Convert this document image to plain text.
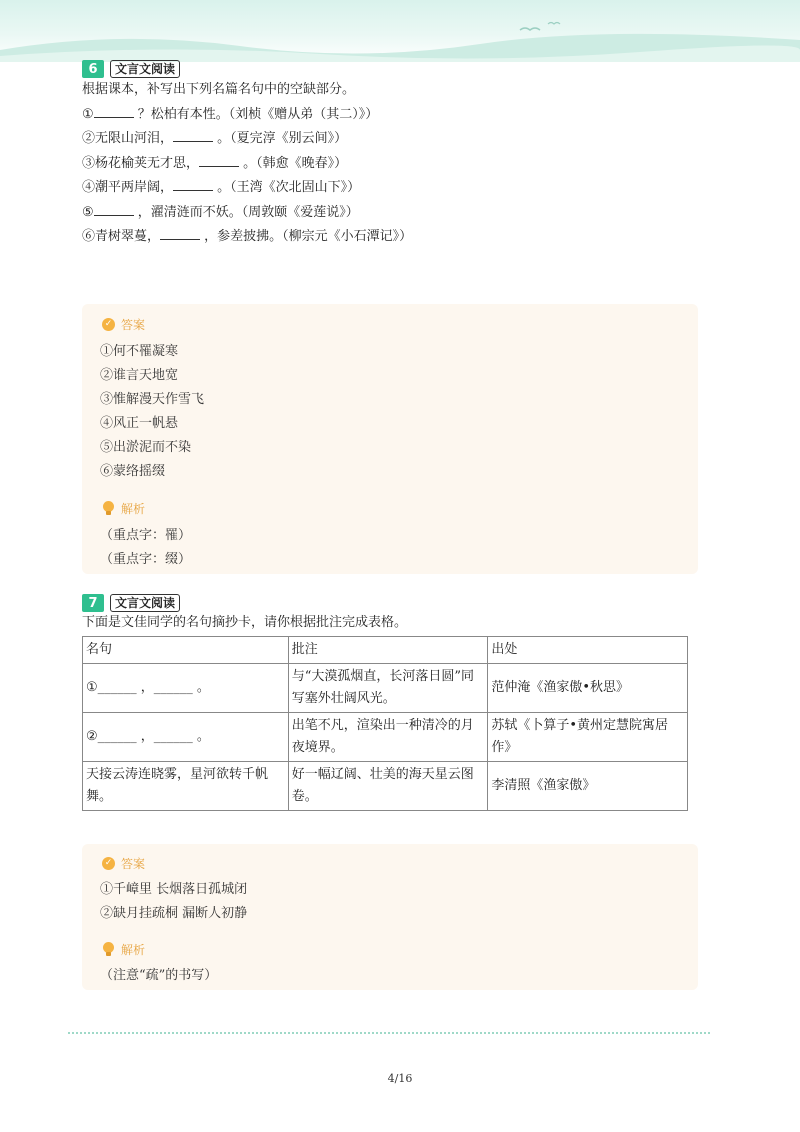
6	文言文阅读
根据课本，补写出下列名篇名句中的空缺部分。
①	？松柏有本性。（刘桢《赠从弟（其二）》）
②无限山河泪，	。（夏完淳《别云间》）
③杨花榆荚无才思，	。（韩愈《晚春》）
④潮平两岸阔，	。（王湾《次北固山下》）
⑤	，濯清涟而不妖。（周敦颐《爱莲说》）
⑥青树翠蔓，	，参差披拂。（柳宗元《小石潭记》）
✓ 答案
①何不罹凝寒
②谁言天地宽
③惟解漫天作雪飞
④风正一帆悬
⑤出淤泥而不染
⑥蒙络摇缀
解析
（重点字：罹）
（重点字：缀）
7	文言文阅读
下面是文佳同学的名句摘抄卡，请你根据批注完成表格。
名句	批注	出处
①______ ，______ 。	与“大漠孤烟直，长河落日圆”同写塞外壮阔风光。	范仲淹《渔家傲•秋思》
②______ ，______ 。	出笔不凡，渲染出一种清冷的月夜境界。	苏轼《卜算子•黄州定慧院寓居作》
天接云涛连晓雾，星河欲转千帆舞。	好一幅辽阔、壮美的海天星云图卷。	李清照《渔家傲》
✓ 答案
①千嶂里 长烟落日孤城闭
②缺月挂疏桐 漏断人初静
解析
（注意“疏”的书写）
4/16
